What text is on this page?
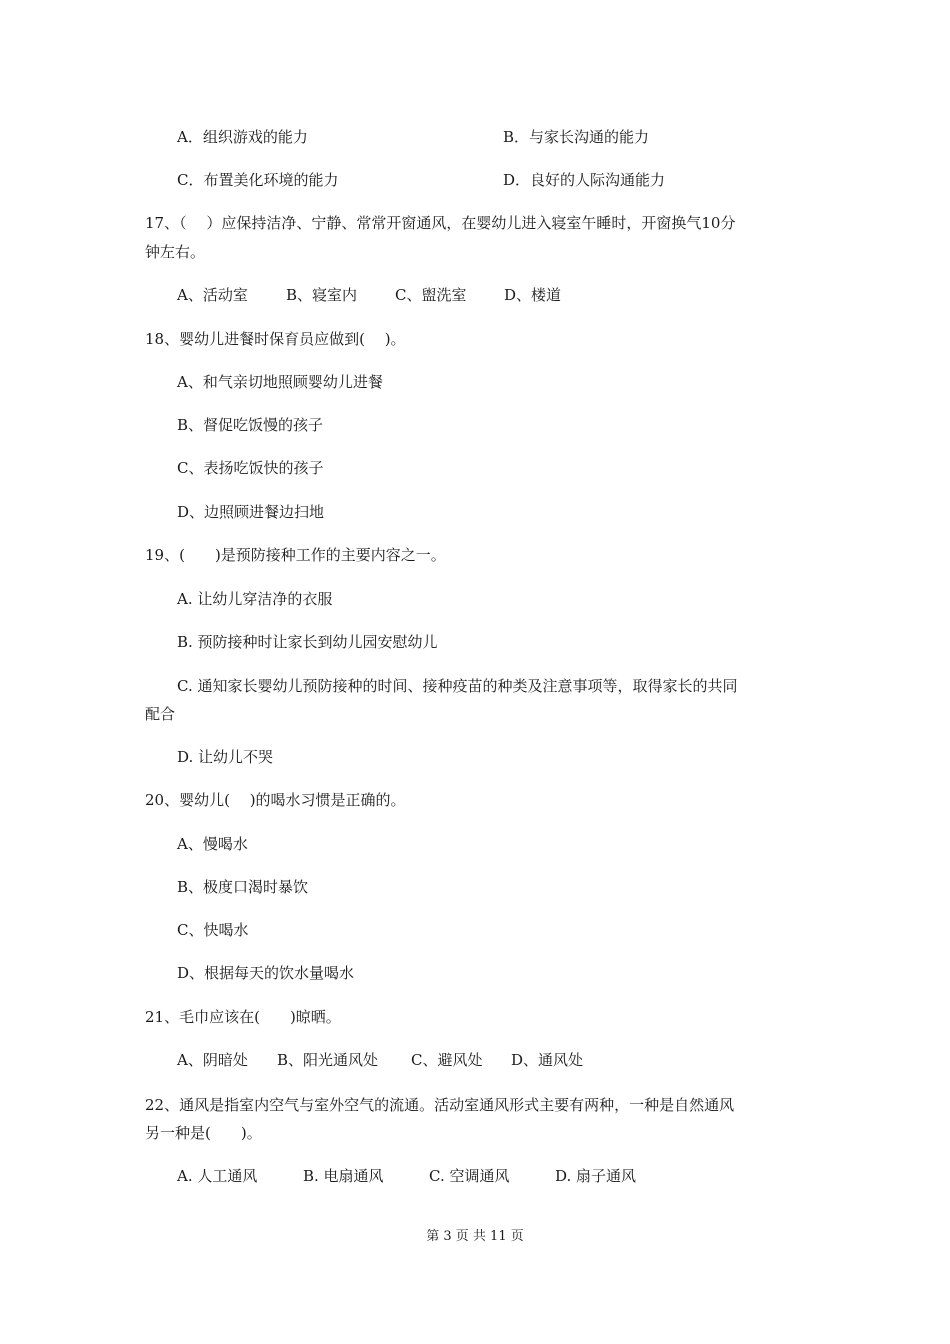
A．组织游戏的能力	B．与家长沟通的能力
C．布置美化环境的能力	D．良好的人际沟通能力
17、（　 ）应保持洁净、宁静、常常开窗通风，在婴幼儿进入寝室午睡时，开窗换气10分
钟左右。
A、活动室	B、寝室内	C、盥洗室	D、楼道
18、婴幼儿进餐时保育员应做到(　 )。
A、和气亲切地照顾婴幼儿进餐
B、督促吃饭慢的孩子
C、表扬吃饭快的孩子
D、边照顾进餐边扫地
19、(　　)是预防接种工作的主要内容之一。
A. 让幼儿穿洁净的衣服
B. 预防接种时让家长到幼儿园安慰幼儿
C. 通知家长婴幼儿预防接种的时间、接种疫苗的种类及注意事项等，取得家长的共同
配合
D. 让幼儿不哭
20、婴幼儿(　 )的喝水习惯是正确的。
A、慢喝水
B、极度口渴时暴饮
C、快喝水
D、根据每天的饮水量喝水
21、毛巾应该在(　　)晾晒。
A、阴暗处 B、阳光通风处 C、避风处 D、通风处
22、通风是指室内空气与室外空气的流通。活动室通风形式主要有两种，一种是自然通风
另一种是(　　)。
A. 人工通风	B. 电扇通风	C. 空调通风	D. 扇子通风
第 3 页 共 11 页
